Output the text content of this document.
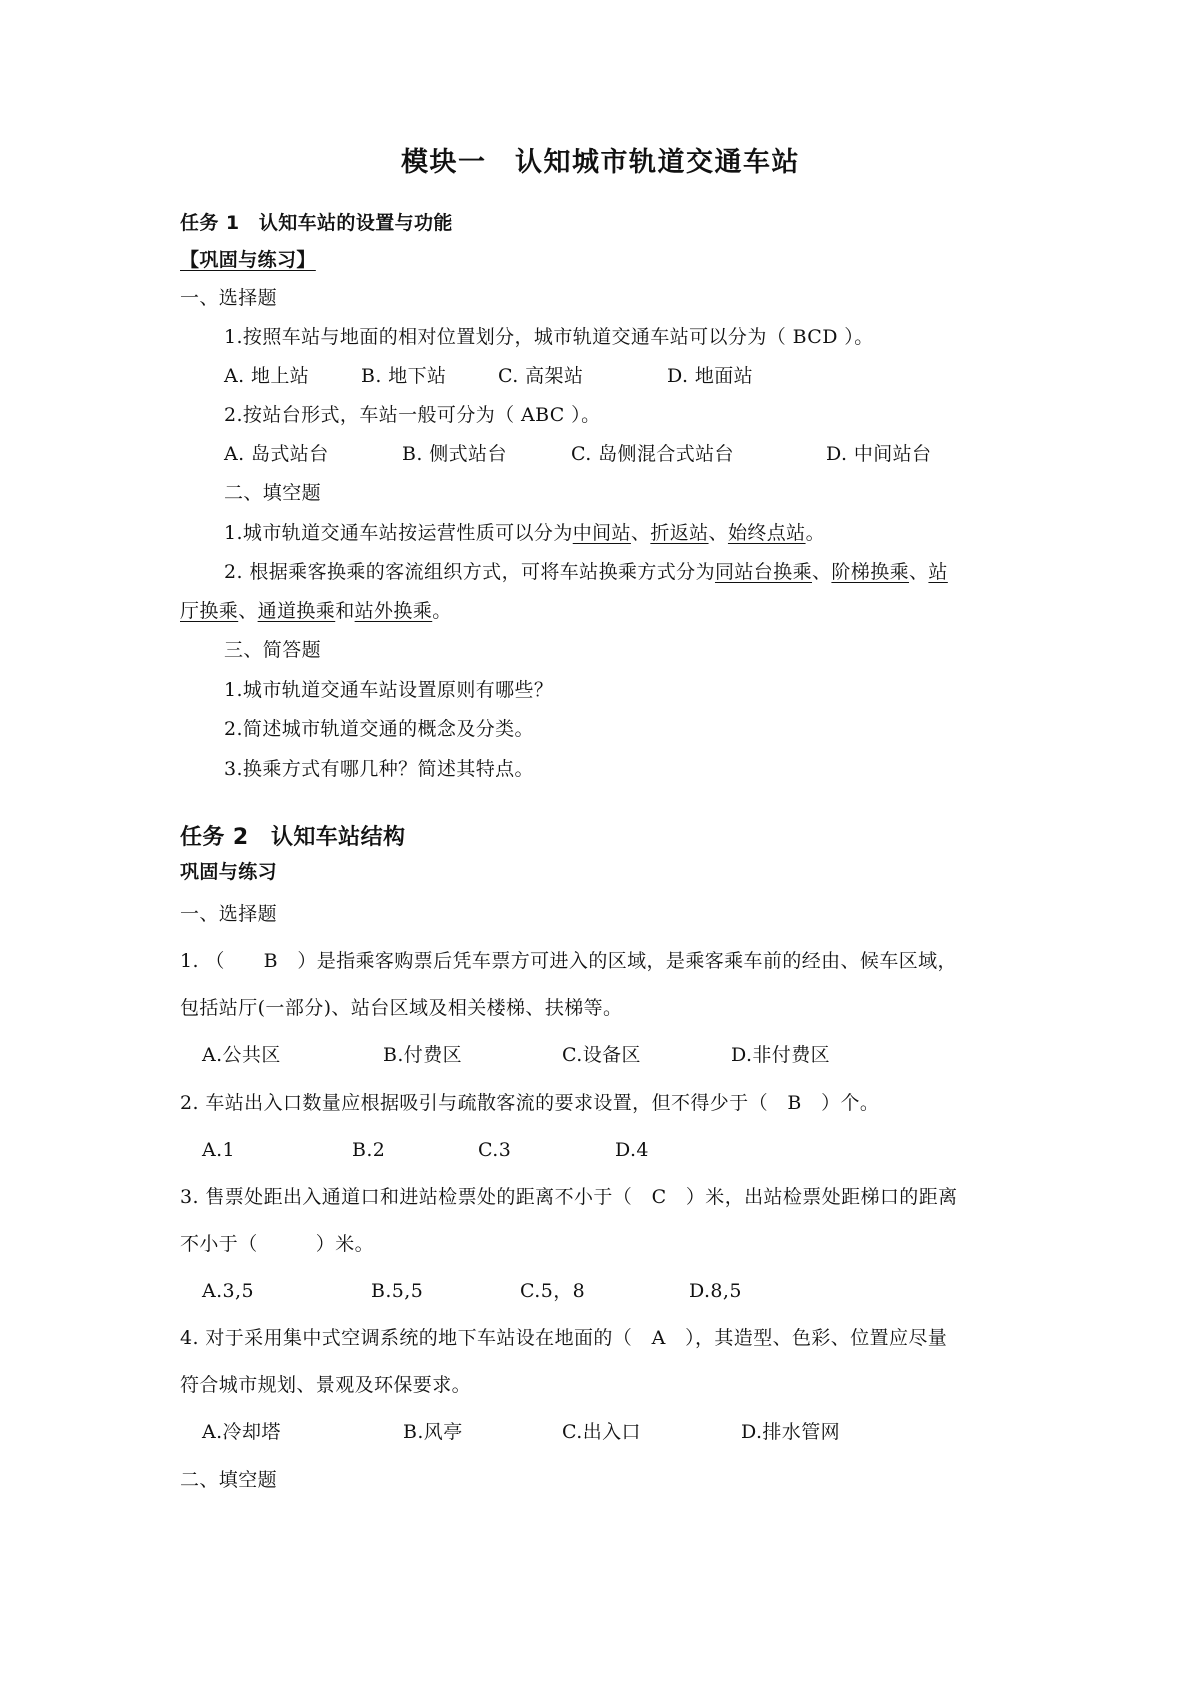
模块一　认知城市轨道交通车站
任务 1　认知车站的设置与功能
【巩固与练习】
一、选择题
1.按照车站与地面的相对位置划分，城市轨道交通车站可以分为（ BCD ）。
A. 地上站	B. 地下站	C. 高架站	D. 地面站
2.按站台形式，车站一般可分为（ ABC ）。
A. 岛式站台	B. 侧式站台	C. 岛侧混合式站台	D. 中间站台
二、填空题
1.城市轨道交通车站按运营性质可以分为中间站、折返站、始终点站。
2. 根据乘客换乘的客流组织方式，可将车站换乘方式分为同站台换乘、阶梯换乘、站
厅换乘、通道换乘和站外换乘。
三、简答题
1.城市轨道交通车站设置原则有哪些？
2.简述城市轨道交通的概念及分类。
3.换乘方式有哪几种？简述其特点。
任务 2　认知车站结构
巩固与练习
一、选择题
1. （　　B　）是指乘客购票后凭车票方可进入的区域，是乘客乘车前的经由、候车区域，
包括站厅(一部分)、站台区域及相关楼梯、扶梯等。
A.公共区	B.付费区	C.设备区	D.非付费区
2. 车站出入口数量应根据吸引与疏散客流的要求设置，但不得少于（　B　）个。
A.1	B.2	C.3	D.4
3. 售票处距出入通道口和进站检票处的距离不小于（　C　）米，出站检票处距梯口的距离
不小于（　　　）米。
A.3,5	B.5,5	C.5，8	D.8,5
4. 对于采用集中式空调系统的地下车站设在地面的（　A　），其造型、色彩、位置应尽量
符合城市规划、景观及环保要求。
A.冷却塔	B.风亭	C.出入口	D.排水管网
二、填空题
